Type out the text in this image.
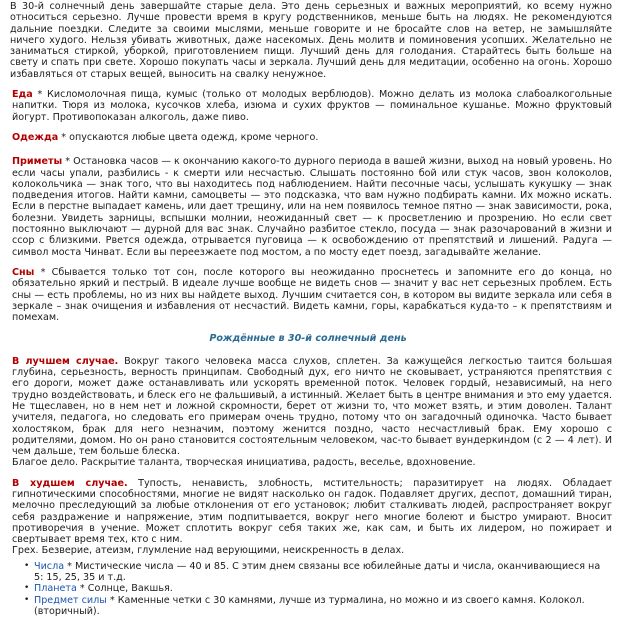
В 30-й солнечный день завершайте старые дела. Это день серьезных и важных мероприятий, ко всему нужно относиться серьезно. Лучше провести время в кругу родственников, меньше быть на людях. Не рекомендуются дальние поездки. Следите за своими мыслями, меньше говорите и не бросайте слов на ветер, не замышляйте ничего худого. Нельзя убивать животных, даже насекомых. День молитв и поминовения усопших. Желательно не заниматься стиркой, уборкой, приготовлением пищи. Лучший день для голодания. Старайтесь быть больше на свету и спать при свете. Хорошо покупать часы и зеркала. Лучший день для медитации, особенно на огонь. Хорошо избавляться от старых вещей, выносить на свалку ненужное.

Еда * Кисломолочная пища, кумыс (только от молодых верблюдов). Можно делать из молока слабоалкогольные напитки. Тюря из молока, кусочков хлеба, изюма и сухих фруктов — поминальное кушанье. Можно фруктовый йогурт. Противопоказан алкоголь, даже пиво.

Одежда * опускаются любые цвета одежд, кроме черного.

Приметы * Остановка часов — к окончанию какого-то дурного периода в вашей жизни, выход на новый уровень. Но если часы упали, разбились - к смерти или несчастью. Слышать постоянно бой или стук часов, звон колоколов, колокольчика — знак того, что вы находитесь под наблюдением. Найти песочные часы, услышать кукушку — знак подведения итогов. Найти камни, самоцветы — это подсказка, что вам нужно подбирать камни. Их можно искать. Если в перстне выпадает камень, или дает трещину, или на нем появилось темное пятно — знак зависимости, рока, болезни. Увидеть зарницы, вспышки молнии, неожиданный свет — к просветлению и прозрению. Но если свет постоянно выключают — дурной для вас знак. Случайно разбитое стекло, посуда — знак разочарований в жизни и ссор с близкими. Рвется одежда, отрывается пуговица — к освобождению от препятствий и лишений. Радуга — символ моста Чинват. Если вы переезжаете под мостом, а по мосту едет поезд, загадывайте желание.

Сны * Сбывается только тот сон, после которого вы неожиданно проснетесь и запомните его до конца, но обязательно яркий и пестрый. В идеале лучше вообще не видеть снов — значит у вас нет серьезных проблем. Есть сны — есть проблемы, но из них вы найдете выход. Лучшим считается сон, в котором вы видите зеркала или себя в зеркале – знак очищения и избавления от несчастий. Видеть камни, горы, карабкаться куда-то – к препятствиям и помехам.

Рождённые в 30-й солнечный день

В лучшем случае. Вокруг такого человека масса слухов, сплетен. За кажущейся легкостью таится большая глубина, серьезность, верность принципам. Свободный дух, его ничто не сковывает, устраняются препятствия с его дороги, может даже останавливать или ускорять временной поток. Человек гордый, независимый, на него трудно воздействовать, и блеск его не фальшивый, а истинный. Желает быть в центре внимания и это ему удается. Не тщеславен, но в нем нет и ложной скромности, берет от жизни то, что может взять, и этим доволен. Талант учителя, педагога, но следовать его примерам очень трудно, потому что он загадочный одиночка. Часто бывает холостяком, брак для него незначим, поэтому женится поздно, часто несчастливый брак. Ему хорошо с родителями, домом. Но он рано становится состоятельным человеком, час-то бывает вундеркиндом (с 2 — 4 лет). И чем дальше, тем больше блеска.

Благое дело. Раскрытие таланта, творческая инициатива, радость, веселье, вдохновение.

В худшем случае. Тупость, ненависть, злобность, мстительность; паразитирует на людях. Обладает гипнотическими способностями, многие не видят насколько он гадок. Подавляет других, деспот, домашний тиран, мелочно преследующий за любые отклонения от его установок; любит сталкивать людей, распространяет вокруг себя раздражение и напряжение, этим подпитывается, вокруг него многие болеют и быстро умирают. Вносит противоречия в учение. Может сплотить вокруг себя таких же, как сам, и быть их лидером, но пожирает и свертывает время тех, кто с ним.

Грех. Безверие, атеизм, глумление над верующими, неискренность в делах.

• Числа * Мистические числа — 40 и 85. С этим днем связаны все юбилейные даты и числа, оканчивающиеся на 5: 15, 25, 35 и т.д.
• Планета * Солнце, Вакшья.
• Предмет силы * Каменные четки с 30 камнями, лучше из турмалина, но можно и из своего камня. Колокол. (вторичный).
